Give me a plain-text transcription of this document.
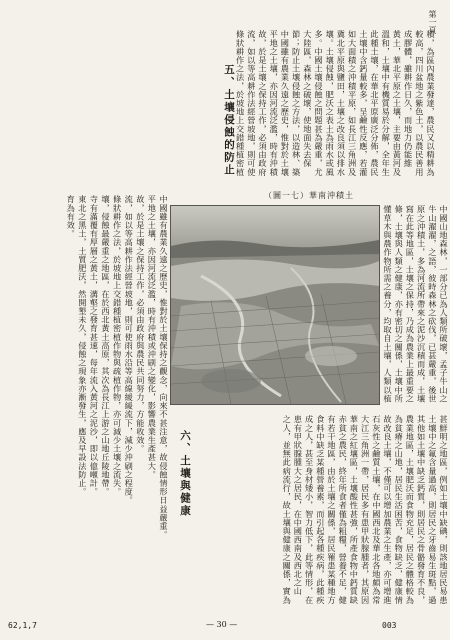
第一頁
積，為區內農業發達，農民又以精耕為
較高，四川盆地之紫色土，以農民善用
成膠體，雖耕作日久，而地力仍能維
黃土，華北平原之土壤，主要由黃河及
溫和，土壤中有機質易於分解，全年生
此種土壤，在華北平原廣泛分佈，農民
土壤中含鈣量較多，呈鹼性反應，若灌
如大面積之沖積平原，如長江三角洲及
冀北平原與鹽田，土壤之改良須以排水
壤。土壤侵蝕，肥沃之表土為雨水或風
多。中國土壤侵蝕之問題甚為嚴重，尤
大陸區，森林之破壞，使地面失去保
節；防止土壤侵蝕之方法，以造林、築
中國雖有農業久遠之歷史，惟對於土壤
平地之土壤，亦因河流泛濫，時有沖積
故，於是土壤之保持工作，必須由政府
流，如以等高耕作法經營坡地，則可使
條狀耕作之法，於坡地上交錯種植密植
五、土壤侵蝕的防止
（圖一七）華南沖積土
中國雖有農業久遠之歷史，惟對於土壤保持之觀念，向來不甚注意，故侵蝕情形日益嚴重。
平地之土壤，亦因河流泛濫，時有沖積或沖刷之變化，影響農業生產甚大。
故，於是土壤之保持工作，必須由政府與農民共同努力，方能收效。
流，如以等高耕作法經營坡地，則可使雨水沿等高線緩緩流下，減少沖刷之程度。
條狀耕作之法，於坡地上交錯種植密植作物與疏植作物，亦可減少土壤之流失。
壤，侵蝕最嚴重之地區，在於西北黃土高原，其次為長江上游之山地丘陵地帶。
寺有滿覆有厚層之黃土，溝壑之發育甚速，每年流入黃河之泥沙，即以億噸計。
東北之黑土，土質肥沃，然開墾未久，侵蝕之現象亦漸發生，應及早設法防止。
育為有效。	中國山地森林，一部分已為人類所破壞，孟子牛山之
牛山濯濯，之語，彼時森林之砍伐，已甚嚴重，後世
原之沖積土，多為河流所帶來之泥沙沉積而成，土壤
寫在此等地區，土壤之保持，乃成為農業上最重要之
條，土壤與人類之健康，亦有密切之關係，土壤中所
懂草木與農作物所需之養分，均取自土壤，人類以植
甚鮮明之地區，例如土壤中缺碘，則該地居民易患
土壤中之氟含量過高，則居民之牙齒易生斑點，過
其他如土壤中缺乏鈣質，則居民之骨骼發育不良，
農業地區，土壤肥沃而食物充足，居民之體格較為
為貧瘠之山地，居民生活困苦，食物缺乏，健康情
故改良土壤，不僅可以增加農業之生產，亦可增進
石灰性之鹼質土壤，在中國西北及華北各地頗為常
大江三角洲一帶，居民多有患甲狀腺腫者，其原因
華南之紅壤區，土壤酸性甚強，所產食物中鈣質缺
赤貧之農民，終年所食者僅為粗糧，營養不足，健
有若干地區，由於土壤之關係，居民罹患某種地方
食料中缺乏某種營養素，而引起各種疾病，此種疾
成之人，甚至身材矮小，智力低下，此等情形，在
患有甲狀腺腫大之居民，在中國西南及西北之山
之人，並無此病流行，故土壤與健康之關係，實為
六、土壤與健康
62,1,7	— 30 —	003
